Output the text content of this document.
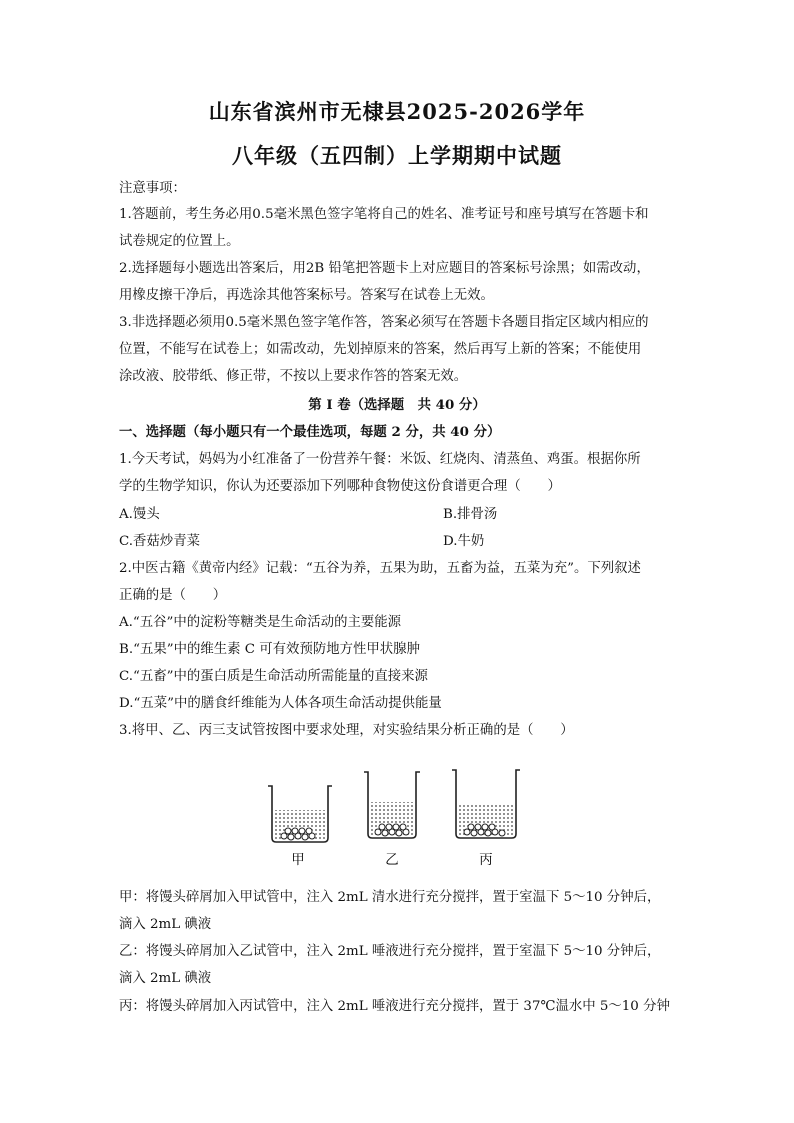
山东省滨州市无棣县2025-2026学年
八年级（五四制）上学期期中试题
注意事项：
1.答题前，考生务必用0.5毫米黑色签字笔将自己的姓名、准考证号和座号填写在答题卡和
试卷规定的位置上。
2.选择题每小题选出答案后，用2B 铅笔把答题卡上对应题目的答案标号涂黑；如需改动，
用橡皮擦干净后，再选涂其他答案标号。答案写在试卷上无效。
3.非选择题必须用0.5毫米黑色签字笔作答，答案必须写在答题卡各题目指定区域内相应的
位置，不能写在试卷上；如需改动，先划掉原来的答案，然后再写上新的答案；不能使用
涂改液、胶带纸、修正带，不按以上要求作答的答案无效。
第 I 卷（选择题　共 40 分）
一、选择题（每小题只有一个最佳选项，每题 2 分，共 40 分）
1.今天考试，妈妈为小红准备了一份营养午餐：米饭、红烧肉、清蒸鱼、鸡蛋。根据你所
学的生物学知识，你认为还要添加下列哪种食物使这份食谱更合理（　　）
A.馒头	B.排骨汤
C.香菇炒青菜	D.牛奶
2.中医古籍《黄帝内经》记载：“五谷为养，五果为助，五畜为益，五菜为充”。下列叙述
正确的是（　　）
A.“五谷”中的淀粉等糖类是生命活动的主要能源
B.“五果”中的维生素 C 可有效预防地方性甲状腺肿
C.“五畜”中的蛋白质是生命活动所需能量的直接来源
D.“五菜”中的膳食纤维能为人体各项生命活动提供能量
3.将甲、乙、丙三支试管按图中要求处理，对实验结果分析正确的是（　　）
甲	乙	丙
甲：将馒头碎屑加入甲试管中，注入 2mL 清水进行充分搅拌，置于室温下 5～10 分钟后，
滴入 2mL 碘液
乙：将馒头碎屑加入乙试管中，注入 2mL 唾液进行充分搅拌，置于室温下 5～10 分钟后，
滴入 2mL 碘液
丙：将馒头碎屑加入丙试管中，注入 2mL 唾液进行充分搅拌，置于 37℃温水中 5～10 分钟
